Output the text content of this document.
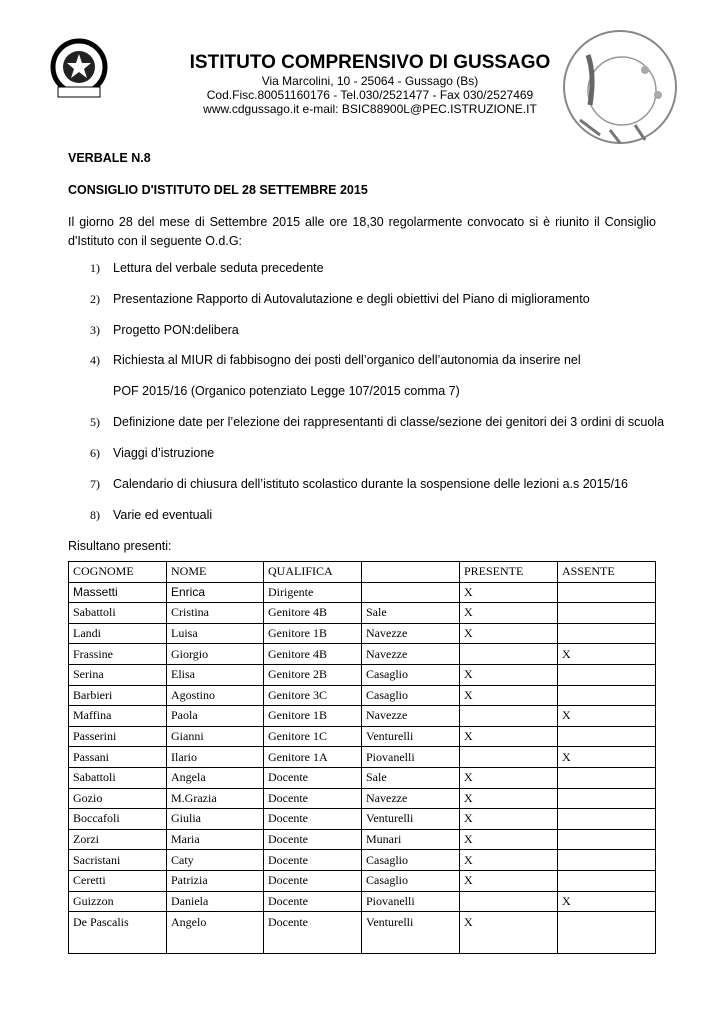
ISTITUTO COMPRENSIVO DI GUSSAGO
Via Marcolini, 10 - 25064 - Gussago (Bs)
Cod.Fisc.80051160176 - Tel.030/2521477 - Fax 030/2527469
www.cdgussago.it e-mail: BSIC88900L@PEC.ISTRUZIONE.IT
VERBALE N.8
CONSIGLIO D'ISTITUTO DEL 28 SETTEMBRE 2015
Il giorno 28 del mese di Settembre 2015 alle ore 18,30 regolarmente convocato si è riunito il Consiglio d'Istituto con il seguente O.d.G:
1) Lettura del verbale seduta precedente
2) Presentazione Rapporto di Autovalutazione e degli obiettivi del Piano di miglioramento
3) Progetto PON:delibera
4) Richiesta al MIUR di fabbisogno dei posti dell’organico dell’autonomia da inserire nel
POF 2015/16 (Organico potenziato Legge 107/2015 comma 7)
5) Definizione date per l’elezione dei rappresentanti di classe/sezione dei genitori dei 3 ordini di scuola
6) Viaggi d’istruzione
7) Calendario di chiusura dell’istituto scolastico durante la sospensione delle lezioni a.s 2015/16
8) Varie ed eventuali
Risultano presenti:
COGNOME	NOME	QUALIFICA		PRESENTE	ASSENTE
Massetti	Enrica	Dirigente		X	
Sabattoli	Cristina	Genitore 4B	Sale	X	
Landi	Luisa	Genitore 1B	Navezze	X	
Frassine	Giorgio	Genitore 4B	Navezze		X
Serina	Elisa	Genitore 2B	Casaglio	X	
Barbieri	Agostino	Genitore 3C	Casaglio	X	
Maffina	Paola	Genitore 1B	Navezze		X
Passerini	Gianni	Genitore 1C	Venturelli	X	
Passani	Ilario	Genitore 1A	Piovanelli		X
Sabattoli	Angela	Docente	Sale	X	
Gozio	M.Grazia	Docente	Navezze	X	
Boccafoli	Giulia	Docente	Venturelli	X	
Zorzi	Maria	Docente	Munari	X	
Sacristani	Caty	Docente	Casaglio	X	
Ceretti	Patrizia	Docente	Casaglio	X	
Guizzon	Daniela	Docente	Piovanelli		X
De Pascalis	Angelo	Docente	Venturelli	X	
